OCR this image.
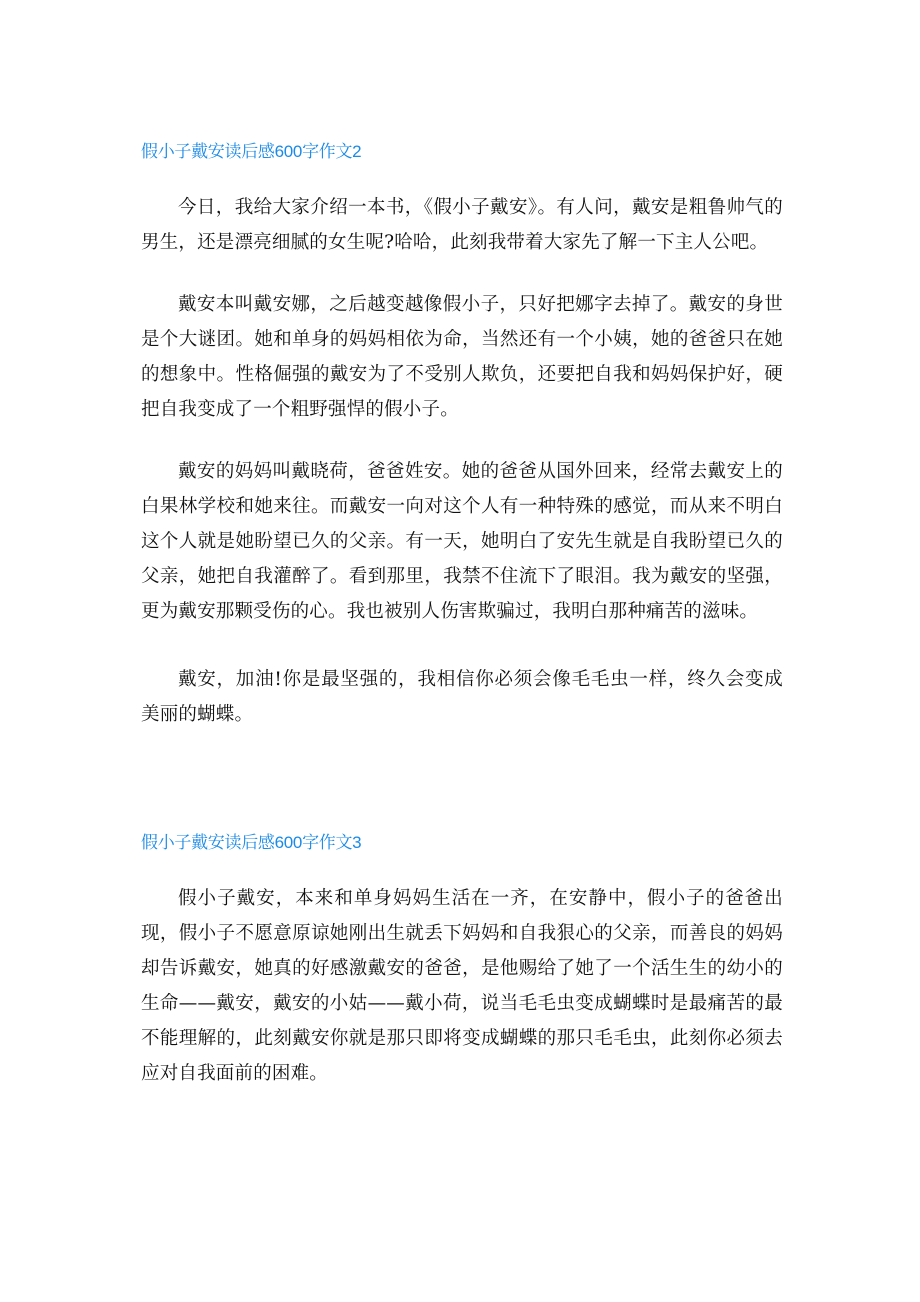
假小子戴安读后感600字作文2

今日，我给大家介绍一本书，《假小子戴安》。有人问，戴安是粗鲁帅气的男生，还是漂亮细腻的女生呢?哈哈，此刻我带着大家先了解一下主人公吧。

戴安本叫戴安娜，之后越变越像假小子，只好把娜字去掉了。戴安的身世是个大谜团。她和单身的妈妈相依为命，当然还有一个小姨，她的爸爸只在她的想象中。性格倔强的戴安为了不受别人欺负，还要把自我和妈妈保护好，硬把自我变成了一个粗野强悍的假小子。

戴安的妈妈叫戴晓荷，爸爸姓安。她的爸爸从国外回来，经常去戴安上的白果林学校和她来往。而戴安一向对这个人有一种特殊的感觉，而从来不明白这个人就是她盼望已久的父亲。有一天，她明白了安先生就是自我盼望已久的父亲，她把自我灌醉了。看到那里，我禁不住流下了眼泪。我为戴安的坚强，更为戴安那颗受伤的心。我也被别人伤害欺骗过，我明白那种痛苦的滋味。

戴安，加油!你是最坚强的，我相信你必须会像毛毛虫一样，终久会变成美丽的蝴蝶。

假小子戴安读后感600字作文3

假小子戴安，本来和单身妈妈生活在一齐，在安静中，假小子的爸爸出现，假小子不愿意原谅她刚出生就丢下妈妈和自我狠心的父亲，而善良的妈妈却告诉戴安，她真的好感激戴安的爸爸，是他赐给了她了一个活生生的幼小的生命——戴安，戴安的小姑——戴小荷，说当毛毛虫变成蝴蝶时是最痛苦的最不能理解的，此刻戴安你就是那只即将变成蝴蝶的那只毛毛虫，此刻你必须去应对自我面前的困难。
